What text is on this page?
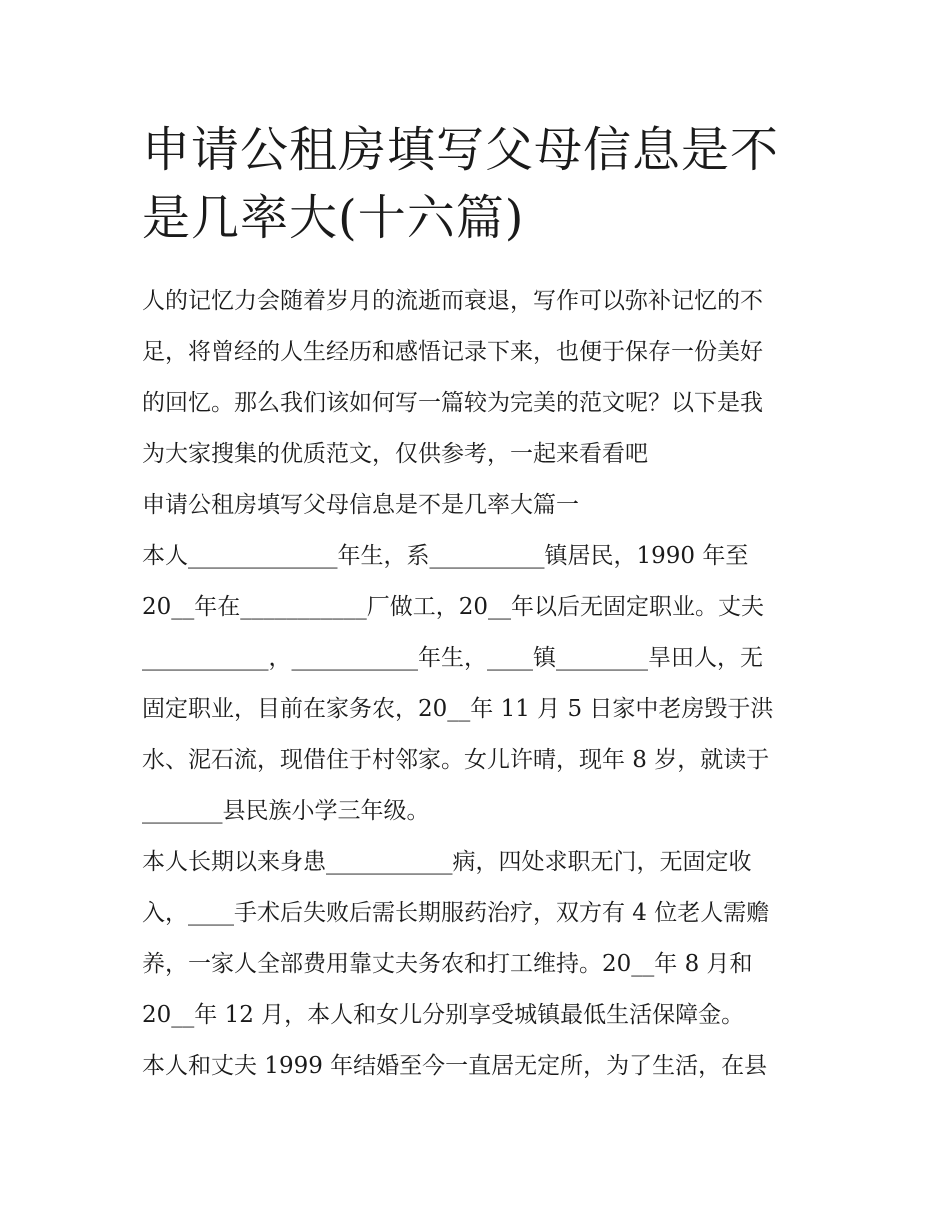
申请公租房填写父母信息是不
是几率大(十六篇)
人的记忆力会随着岁月的流逝而衰退，写作可以弥补记忆的不
足，将曾经的人生经历和感悟记录下来，也便于保存一份美好
的回忆。那么我们该如何写一篇较为完美的范文呢？以下是我
为大家搜集的优质范文，仅供参考，一起来看看吧
申请公租房填写父母信息是不是几率大篇一
本人_____________年生，系__________镇居民，1990 年至
20__年在___________厂做工，20__年以后无固定职业。丈夫
___________，___________年生，____镇________旱田人，无
固定职业，目前在家务农，20__年 11 月 5 日家中老房毁于洪
水、泥石流，现借住于村邻家。女儿许晴，现年 8 岁，就读于
_______县民族小学三年级。
本人长期以来身患___________病，四处求职无门，无固定收
入，____手术后失败后需长期服药治疗，双方有 4 位老人需赡
养，一家人全部费用靠丈夫务农和打工维持。20__年 8 月和
20__年 12 月，本人和女儿分别享受城镇最低生活保障金。
本人和丈夫 1999 年结婚至今一直居无定所，为了生活，在县
